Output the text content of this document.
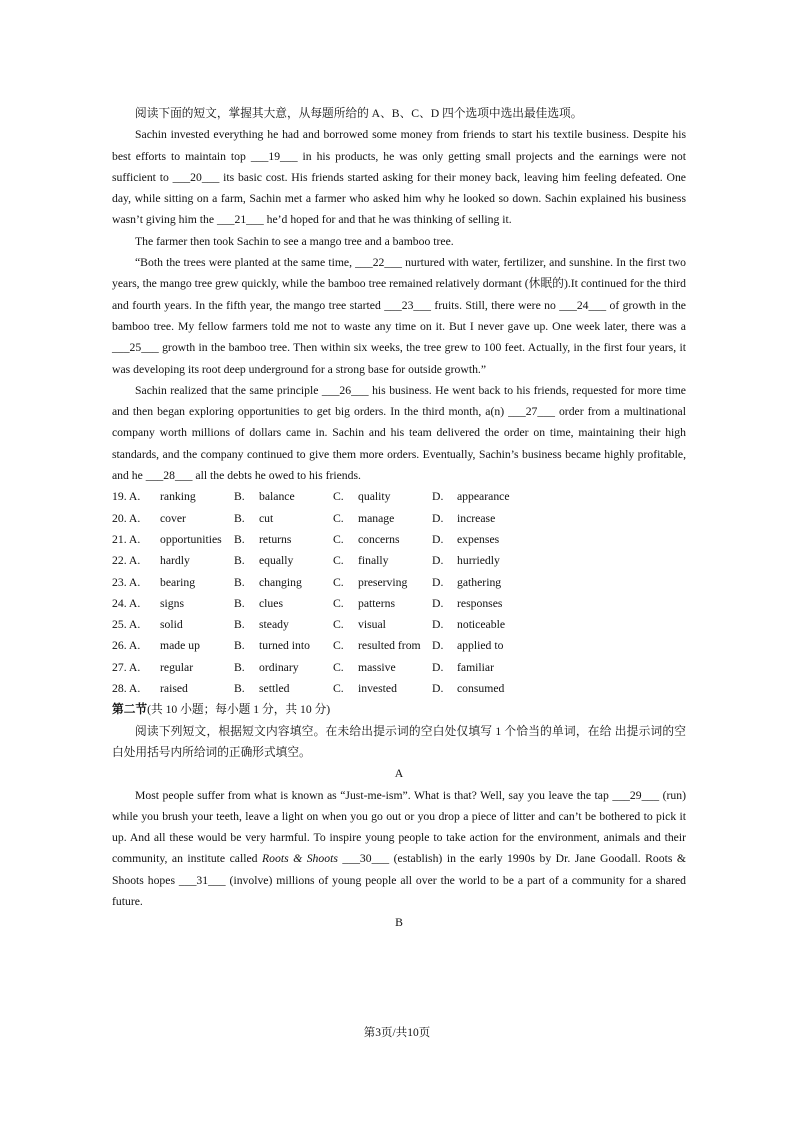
阅读下面的短文，掌握其大意，从每题所给的 A、B、C、D 四个选项中选出最佳选项。

Sachin invested everything he had and borrowed some money from friends to start his textile business. Despite his best efforts to maintain top ___19___ in his products, he was only getting small projects and the earnings were not sufficient to ___20___ its basic cost. His friends started asking for their money back, leaving him feeling defeated. One day, while sitting on a farm, Sachin met a farmer who asked him why he looked so down. Sachin explained his business wasn’t giving him the ___21___ he’d hoped for and that he was thinking of selling it.

The farmer then took Sachin to see a mango tree and a bamboo tree.

“Both the trees were planted at the same time, ___22___ nurtured with water, fertilizer, and sunshine. In the first two years, the mango tree grew quickly, while the bamboo tree remained relatively dormant (休眠的).It continued for the third and fourth years. In the fifth year, the mango tree started ___23___ fruits. Still, there were no ___24___ of growth in the bamboo tree. My fellow farmers told me not to waste any time on it. But I never gave up. One week later, there was a ___25___ growth in the bamboo tree. Then within six weeks, the tree grew to 100 feet. Actually, in the first four years, it was developing its root deep underground for a strong base for outside growth.”

Sachin realized that the same principle ___26___ his business. He went back to his friends, requested for more time and then began exploring opportunities to get big orders. In the third month, a(n) ___27___ order from a multinational company worth millions of dollars came in. Sachin and his team delivered the order on time, maintaining their high standards, and the company continued to give them more orders. Eventually, Sachin’s business became highly profitable, and he ___28___ all the debts he owed to his friends.

19. A. ranking	B. balance	C. quality	D. appearance
20. A. cover	B. cut	C. manage	D. increase
21. A. opportunities B. returns	C. concerns	D. expenses
22. A. hardly	B. equally	C. finally	D. hurriedly
23. A. bearing	B. changing	C. preserving D. gathering
24. A. signs	B. clues	C. patterns	D. responses
25. A. solid	B. steady	C. visual	D. noticeable
26. A. made up	B. turned into C. resulted from D. applied to
27. A. regular	B. ordinary	C. massive	D. familiar
28. A. raised	B. settled	C. invested	D. consumed

第二节(共 10 小题；每小题 1 分，共 10 分)

阅读下列短文，根据短文内容填空。在未给出提示词的空白处仅填写 1 个恰当的单词，在给 出提示词的空白处用括号内所给词的正确形式填空。

A

Most people suffer from what is known as “Just-me-ism”. What is that? Well, say you leave the tap ___29___ (run) while you brush your teeth, leave a light on when you go out or you drop a piece of litter and can’t be bothered to pick it up. And all these would be very harmful. To inspire young people to take action for the environment, animals and their community, an institute called Roots & Shoots ___30___ (establish) in the early 1990s by Dr. Jane Goodall. Roots & Shoots hopes ___31___ (involve) millions of young people all over the world to be a part of a community for a shared future.

B

第3页/共10页
